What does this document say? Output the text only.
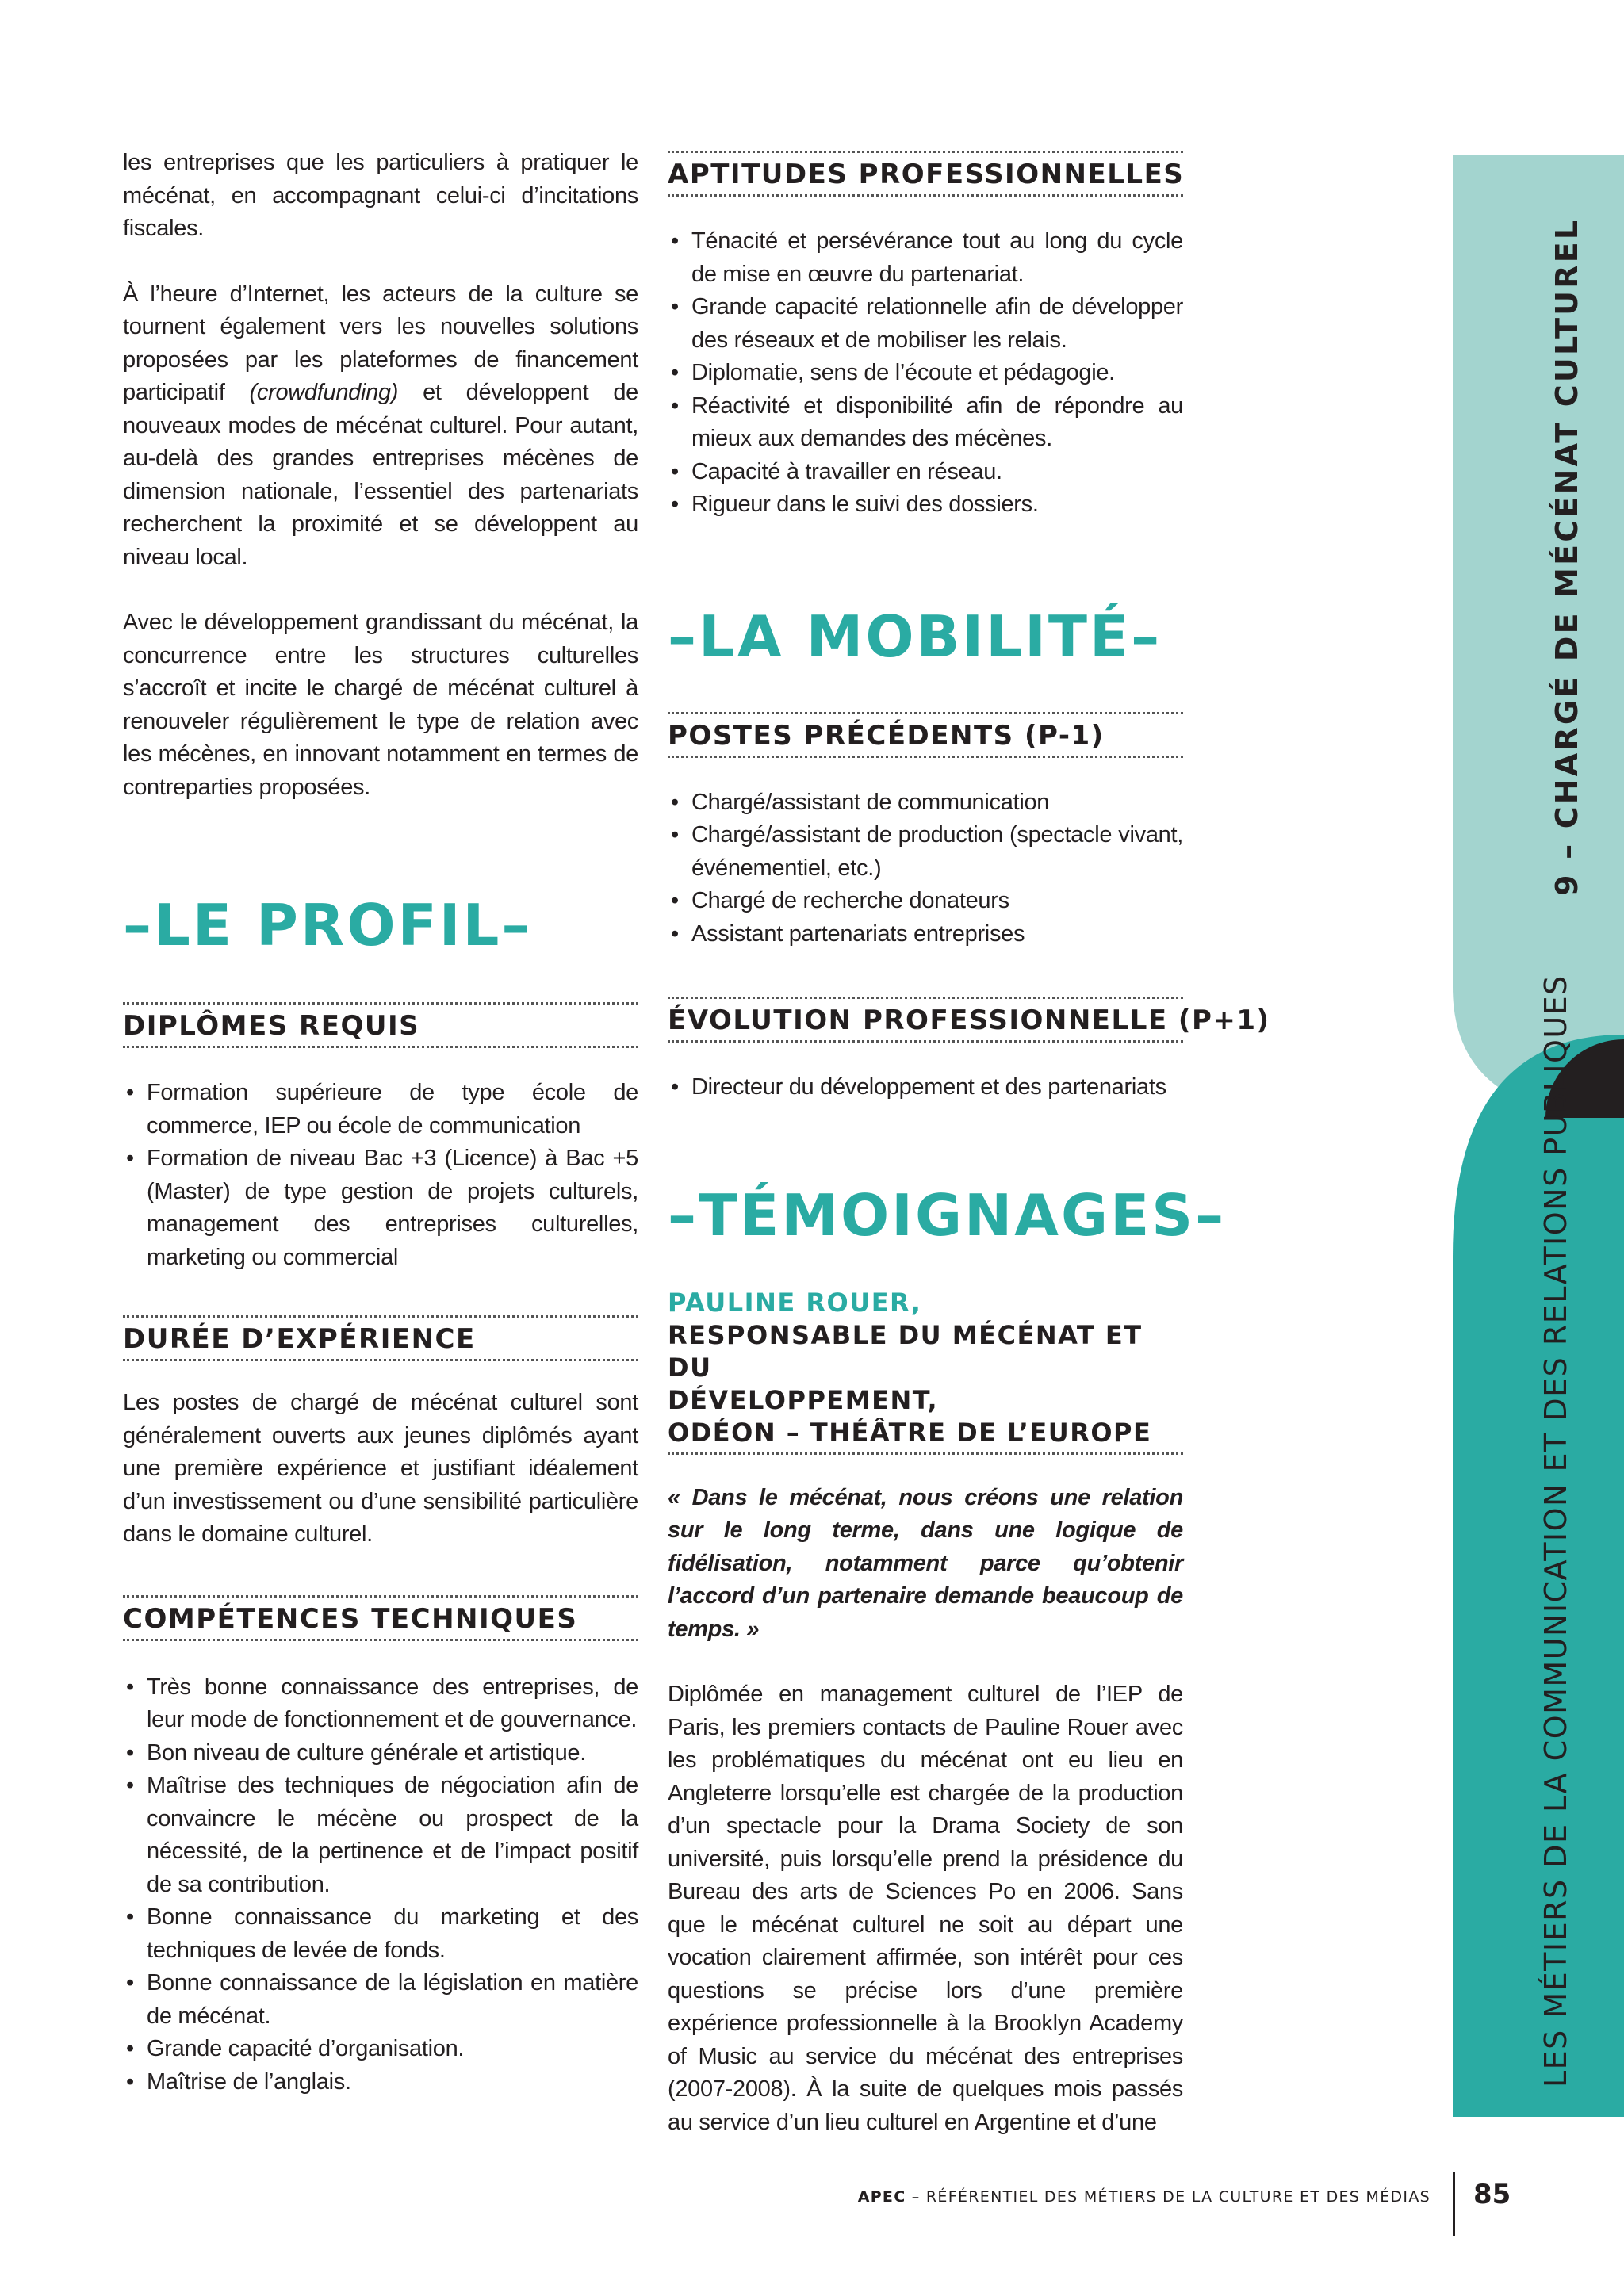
les entreprises que les particuliers à pratiquer le mécénat, en accompagnant celui-ci d’incitations fiscales.

À l’heure d’Internet, les acteurs de la culture se tournent également vers les nouvelles solutions proposées par les plateformes de financement participatif (crowdfunding) et développent de nouveaux modes de mécénat culturel. Pour autant, au-delà des grandes entreprises mécènes de dimension nationale, l’essentiel des partenariats recherchent la proximité et se développent au niveau local.

Avec le développement grandissant du mécénat, la concurrence entre les structures culturelles s’accroît et incite le chargé de mécénat culturel à renouveler régulièrement le type de relation avec les mécènes, en innovant notamment en termes de contreparties proposées.

–LE PROFIL–
DIPLÔMES REQUIS
• Formation supérieure de type école de commerce, IEP ou école de communication
• Formation de niveau Bac +3 (Licence) à Bac +5 (Master) de type gestion de projets culturels, management des entreprises culturelles, marketing ou commercial
DURÉE D’EXPÉRIENCE

Les postes de chargé de mécénat culturel sont généralement ouverts aux jeunes diplômés ayant une première expérience et justifiant idéalement d’un investissement ou d’une sensibilité particulière dans le domaine culturel.

COMPÉTENCES TECHNIQUES
• Très bonne connaissance des entreprises, de leur mode de fonctionnement et de gouvernance.
• Bon niveau de culture générale et artistique.
• Maîtrise des techniques de négociation afin de convaincre le mécène ou prospect de la nécessité, de la pertinence et de l’impact positif de sa contribution.
• Bonne connaissance du marketing et des techniques de levée de fonds.
• Bonne connaissance de la législation en matière de mécénat.
• Grande capacité d’organisation.
• Maîtrise de l’anglais.
APTITUDES PROFESSIONNELLES
• Ténacité et persévérance tout au long du cycle de mise en œuvre du partenariat.
• Grande capacité relationnelle afin de développer des réseaux et de mobiliser les relais.
• Diplomatie, sens de l’écoute et pédagogie.
• Réactivité et disponibilité afin de répondre au mieux aux demandes des mécènes.
• Capacité à travailler en réseau.
• Rigueur dans le suivi des dossiers.
–LA MOBILITÉ–
POSTES PRÉCÉDENTS (P-1)
• Chargé/assistant de communication
• Chargé/assistant de production (spectacle vivant, événementiel, etc.)
• Chargé de recherche donateurs
• Assistant partenariats entreprises
ÉVOLUTION PROFESSIONNELLE (P+1)
• Directeur du développement et des partenariats
–TÉMOIGNAGES–
PAULINE ROUER,
RESPONSABLE DU MÉCÉNAT ET DU
DÉVELOPPEMENT,
ODÉON – THÉÂTRE DE L’EUROPE

« Dans le mécénat, nous créons une relation sur le long terme, dans une logique de fidélisation, notamment parce qu’obtenir l’accord d’un partenaire demande beaucoup de temps. »

Diplômée en management culturel de l’IEP de Paris, les premiers contacts de Pauline Rouer avec les problématiques du mécénat ont eu lieu en Angleterre lorsqu’elle est chargée de la production d’un spectacle pour la Drama Society de son université, puis lorsqu’elle prend la présidence du Bureau des arts de Sciences Po en 2006. Sans que le mécénat culturel ne soit au départ une vocation clairement affirmée, son intérêt pour ces questions se précise lors d’une première expérience professionnelle à la Brooklyn Academy of Music au service du mécénat des entreprises (2007-2008). À la suite de quelques mois passés au service d’un lieu culturel en Argentine et d’une

9 – CHARGÉ DE MÉCÉNAT CULTUREL
LES MÉTIERS DE LA COMMUNICATION ET DES RELATIONS PUBLIQUES
APEC – RÉFÉRENTIEL DES MÉTIERS DE LA CULTURE ET DES MÉDIAS 85
